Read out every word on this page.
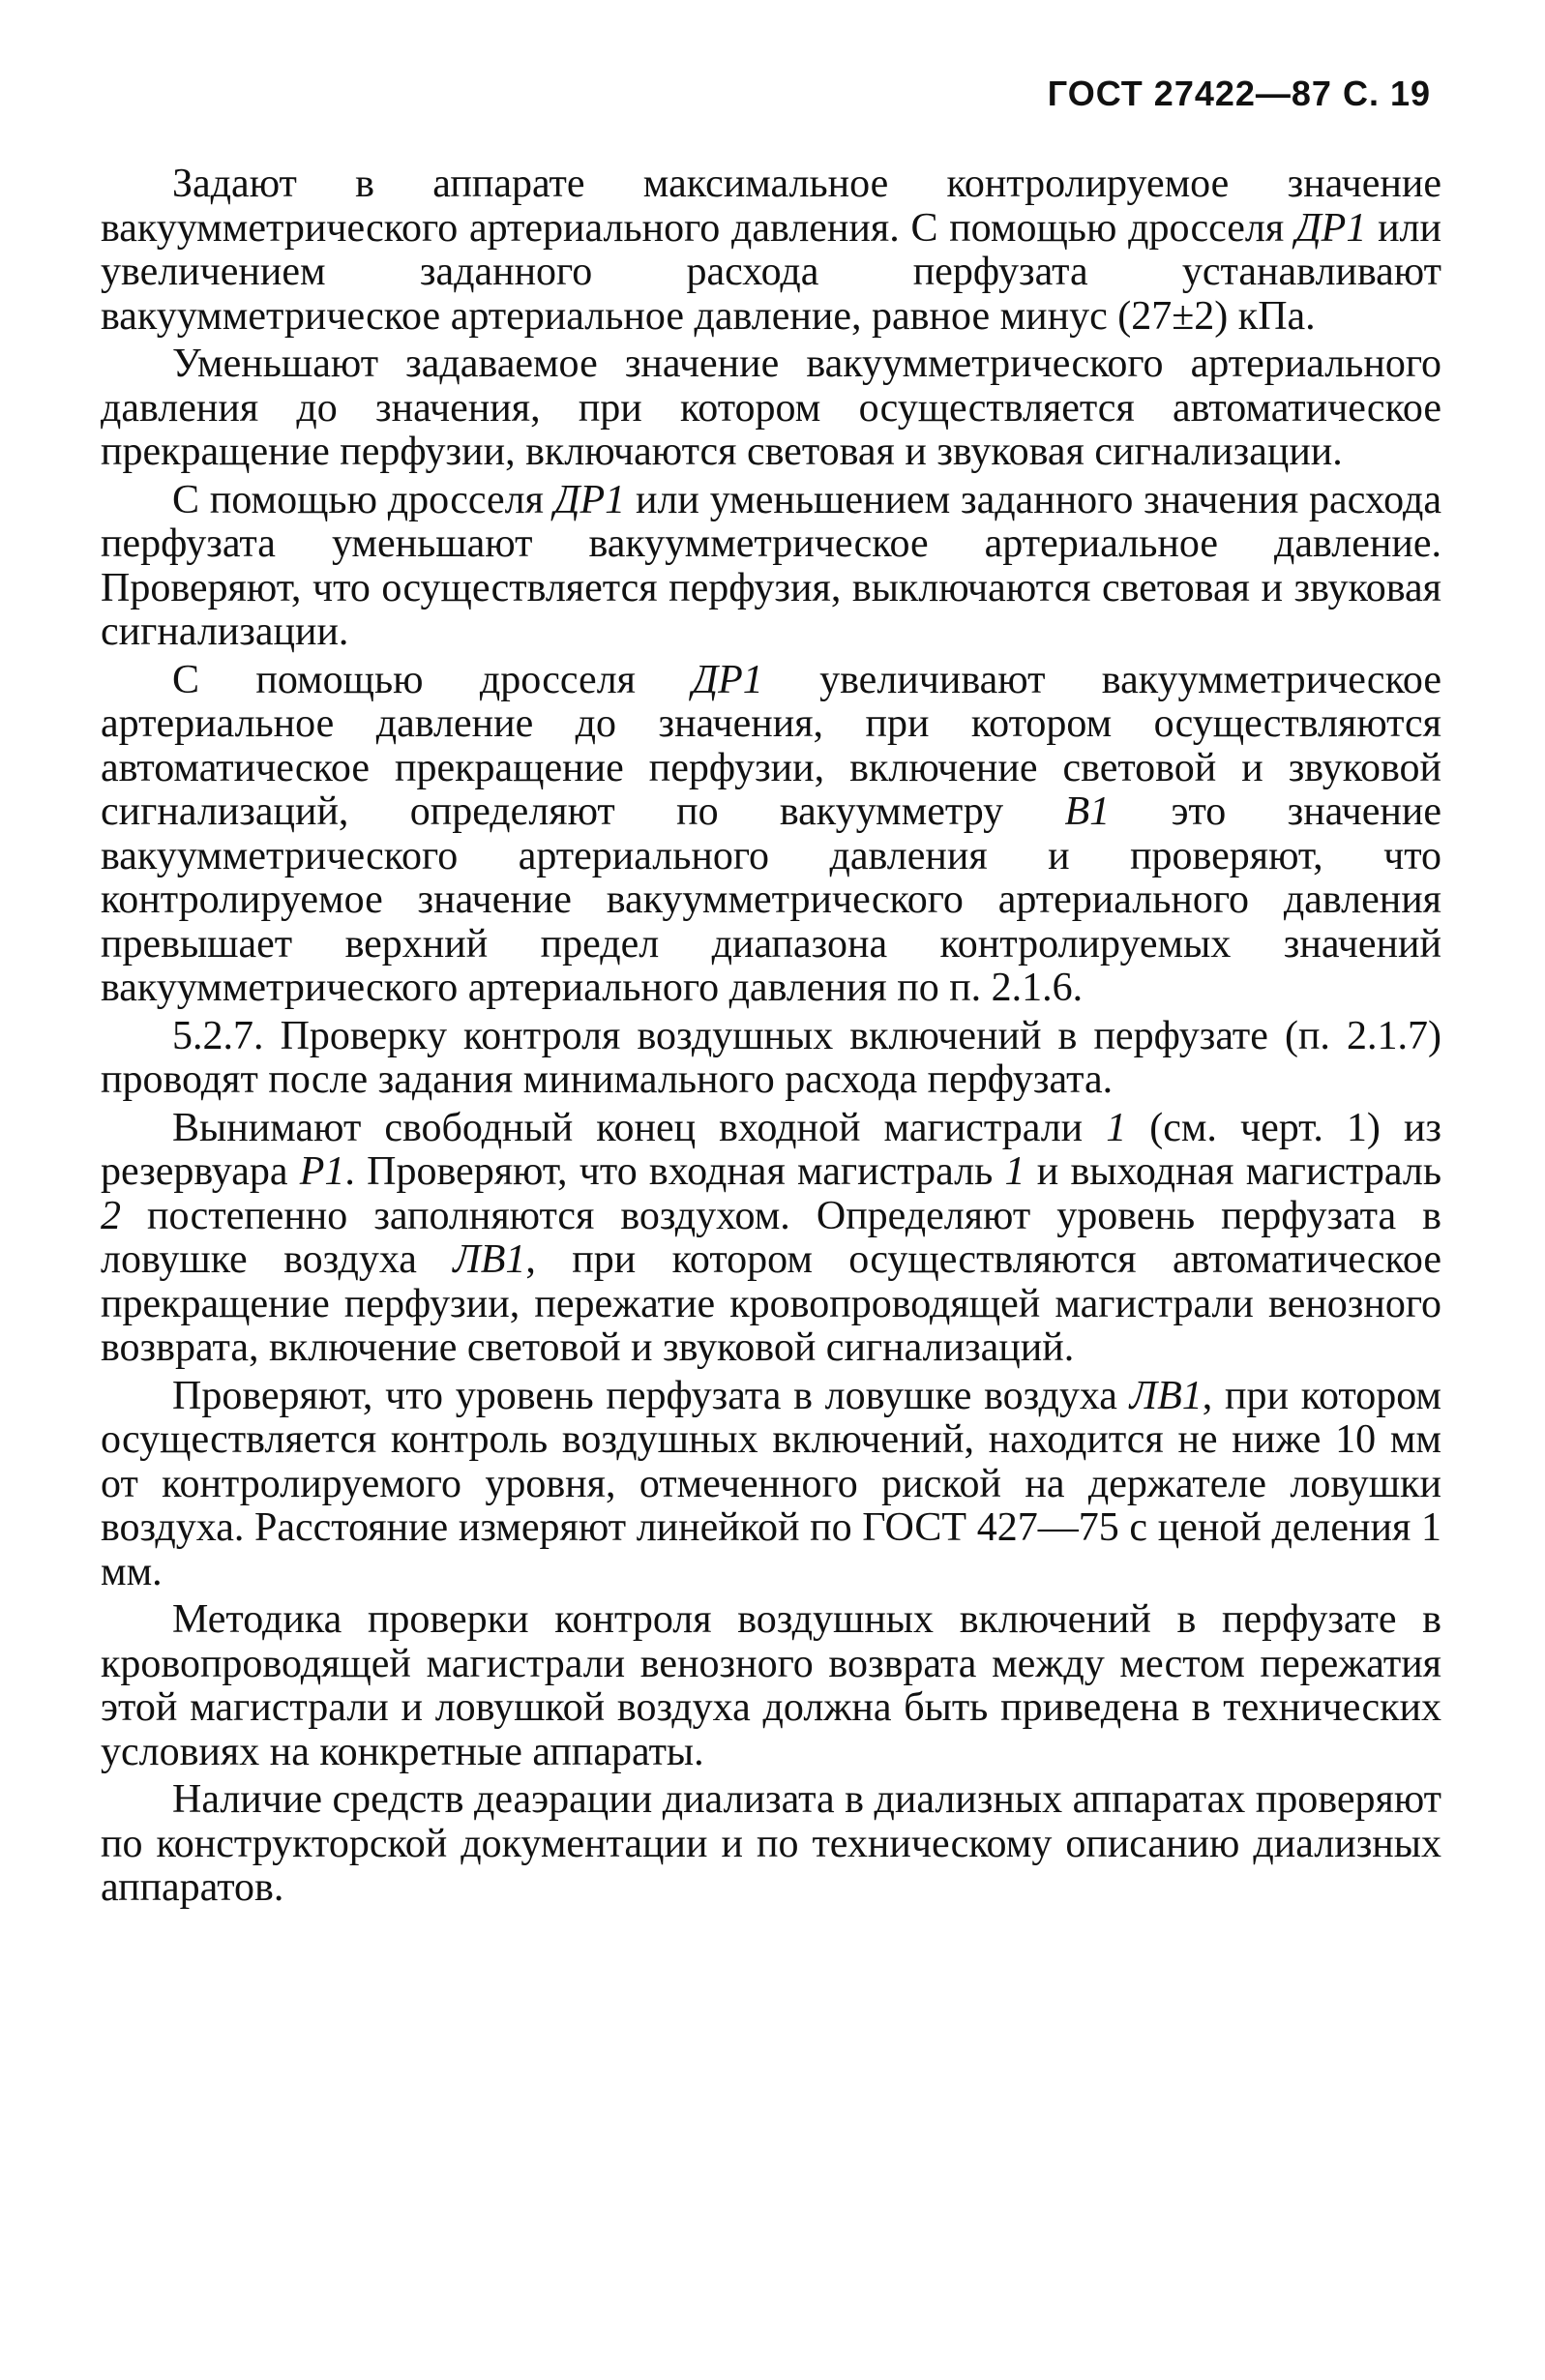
ГОСТ 27422—87 С. 19

Задают в аппарате максимальное контролируемое значение вакуумметрического артериального давления. С помощью дросселя ДР1 или увеличением заданного расхода перфузата устанавливают вакуумметрическое артериальное давление, равное минус (27±2) кПа.

Уменьшают задаваемое значение вакуумметрического артериального давления до значения, при котором осуществляется автоматическое прекращение перфузии, включаются световая и звуковая сигнализации.

С помощью дросселя ДР1 или уменьшением заданного значения расхода перфузата уменьшают вакуумметрическое артериальное давление. Проверяют, что осуществляется перфузия, выключаются световая и звуковая сигнализации.

С помощью дросселя ДР1 увеличивают вакуумметрическое артериальное давление до значения, при котором осуществляются автоматическое прекращение перфузии, включение световой и звуковой сигнализаций, определяют по вакуумметру В1 это значение вакуумметрического артериального давления и проверяют, что контролируемое значение вакуумметрического артериального давления превышает верхний предел диапазона контролируемых значений вакуумметрического артериального давления по п. 2.1.6.

5.2.7. Проверку контроля воздушных включений в перфузате (п. 2.1.7) проводят после задания минимального расхода перфузата.

Вынимают свободный конец входной магистрали 1 (см. черт. 1) из резервуара Р1. Проверяют, что входная магистраль 1 и выходная магистраль 2 постепенно заполняются воздухом. Определяют уровень перфузата в ловушке воздуха ЛВ1, при котором осуществляются автоматическое прекращение перфузии, пережатие кровопроводящей магистрали венозного возврата, включение световой и звуковой сигнализаций.

Проверяют, что уровень перфузата в ловушке воздуха ЛВ1, при котором осуществляется контроль воздушных включений, находится не ниже 10 мм от контролируемого уровня, отмеченного риской на держателе ловушки воздуха. Расстояние измеряют линейкой по ГОСТ 427—75 с ценой деления 1 мм.

Методика проверки контроля воздушных включений в перфузате в кровопроводящей магистрали венозного возврата между местом пережатия этой магистрали и ловушкой воздуха должна быть приведена в технических условиях на конкретные аппараты.

Наличие средств деаэрации диализата в диализных аппаратах проверяют по конструкторской документации и по техническому описанию диализных аппаратов.
